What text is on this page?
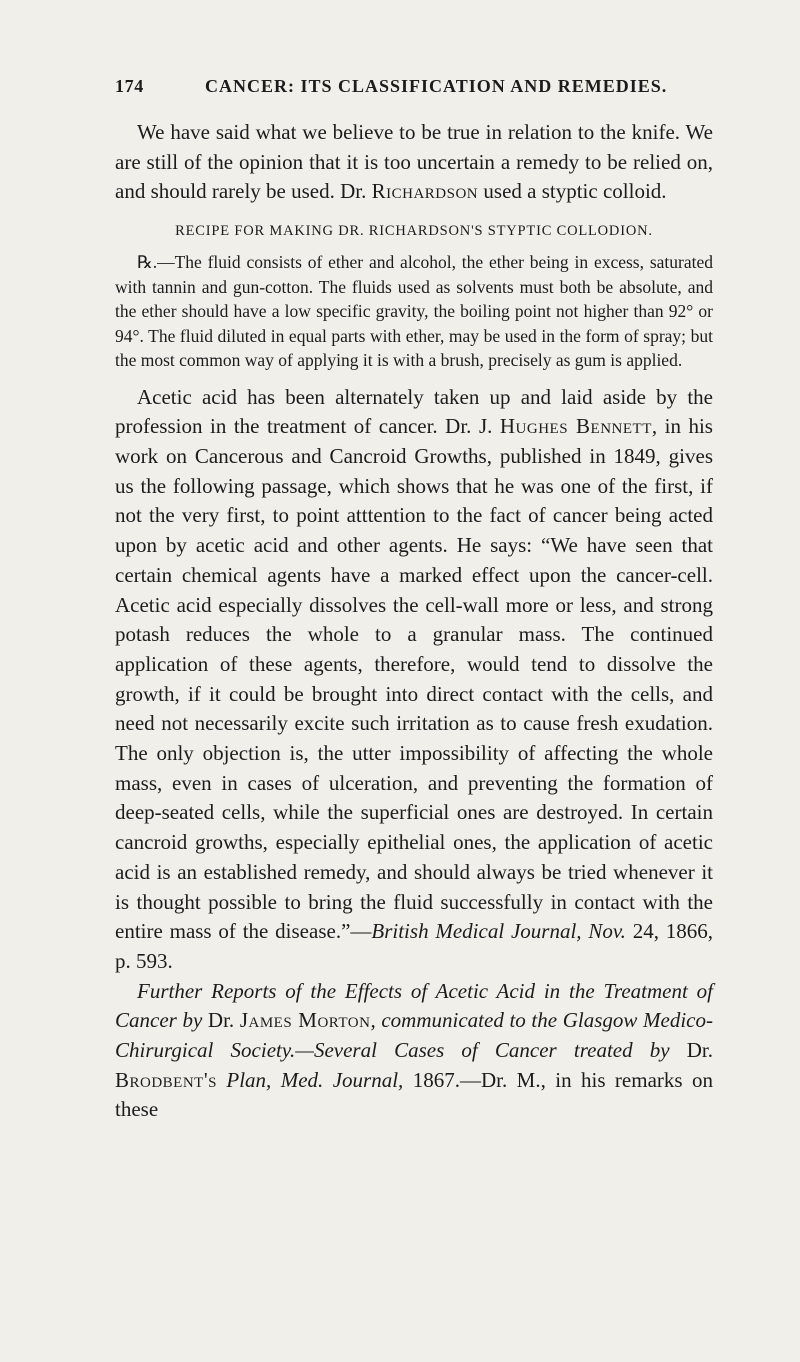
174	CANCER: ITS CLASSIFICATION AND REMEDIES.

We have said what we believe to be true in relation to the knife. We are still of the opinion that it is too uncertain a remedy to be relied on, and should rarely be used. Dr. Richardson used a styptic colloid.

RECIPE FOR MAKING DR. RICHARDSON'S STYPTIC COLLODION.

℞.—The fluid consists of ether and alcohol, the ether being in excess, saturated with tannin and gun-cotton. The fluids used as solvents must both be absolute, and the ether should have a low specific gravity, the boiling point not higher than 92° or 94°. The fluid diluted in equal parts with ether, may be used in the form of spray; but the most common way of applying it is with a brush, precisely as gum is applied.

Acetic acid has been alternately taken up and laid aside by the profession in the treatment of cancer. Dr. J. Hughes Bennett, in his work on Cancerous and Cancroid Growths, published in 1849, gives us the following passage, which shows that he was one of the first, if not the very first, to point atttention to the fact of cancer being acted upon by acetic acid and other agents. He says: “We have seen that certain chemical agents have a marked effect upon the cancer-cell. Acetic acid especially dissolves the cell-wall more or less, and strong potash reduces the whole to a granular mass. The continued application of these agents, therefore, would tend to dissolve the growth, if it could be brought into direct contact with the cells, and need not necessarily excite such irritation as to cause fresh exudation. The only objection is, the utter impossibility of affecting the whole mass, even in cases of ulceration, and preventing the formation of deep-seated cells, while the superficial ones are destroyed. In certain cancroid growths, especially epithelial ones, the application of acetic acid is an established remedy, and should always be tried whenever it is thought possible to bring the fluid successfully in contact with the entire mass of the disease.”—British Medical Journal, Nov. 24, 1866, p. 593.

Further Reports of the Effects of Acetic Acid in the Treatment of Cancer by Dr. James Morton, communicated to the Glasgow Medico-Chirurgical Society.—Several Cases of Cancer treated by Dr. Brodbent's Plan, Med. Journal, 1867.—Dr. M., in his remarks on these
